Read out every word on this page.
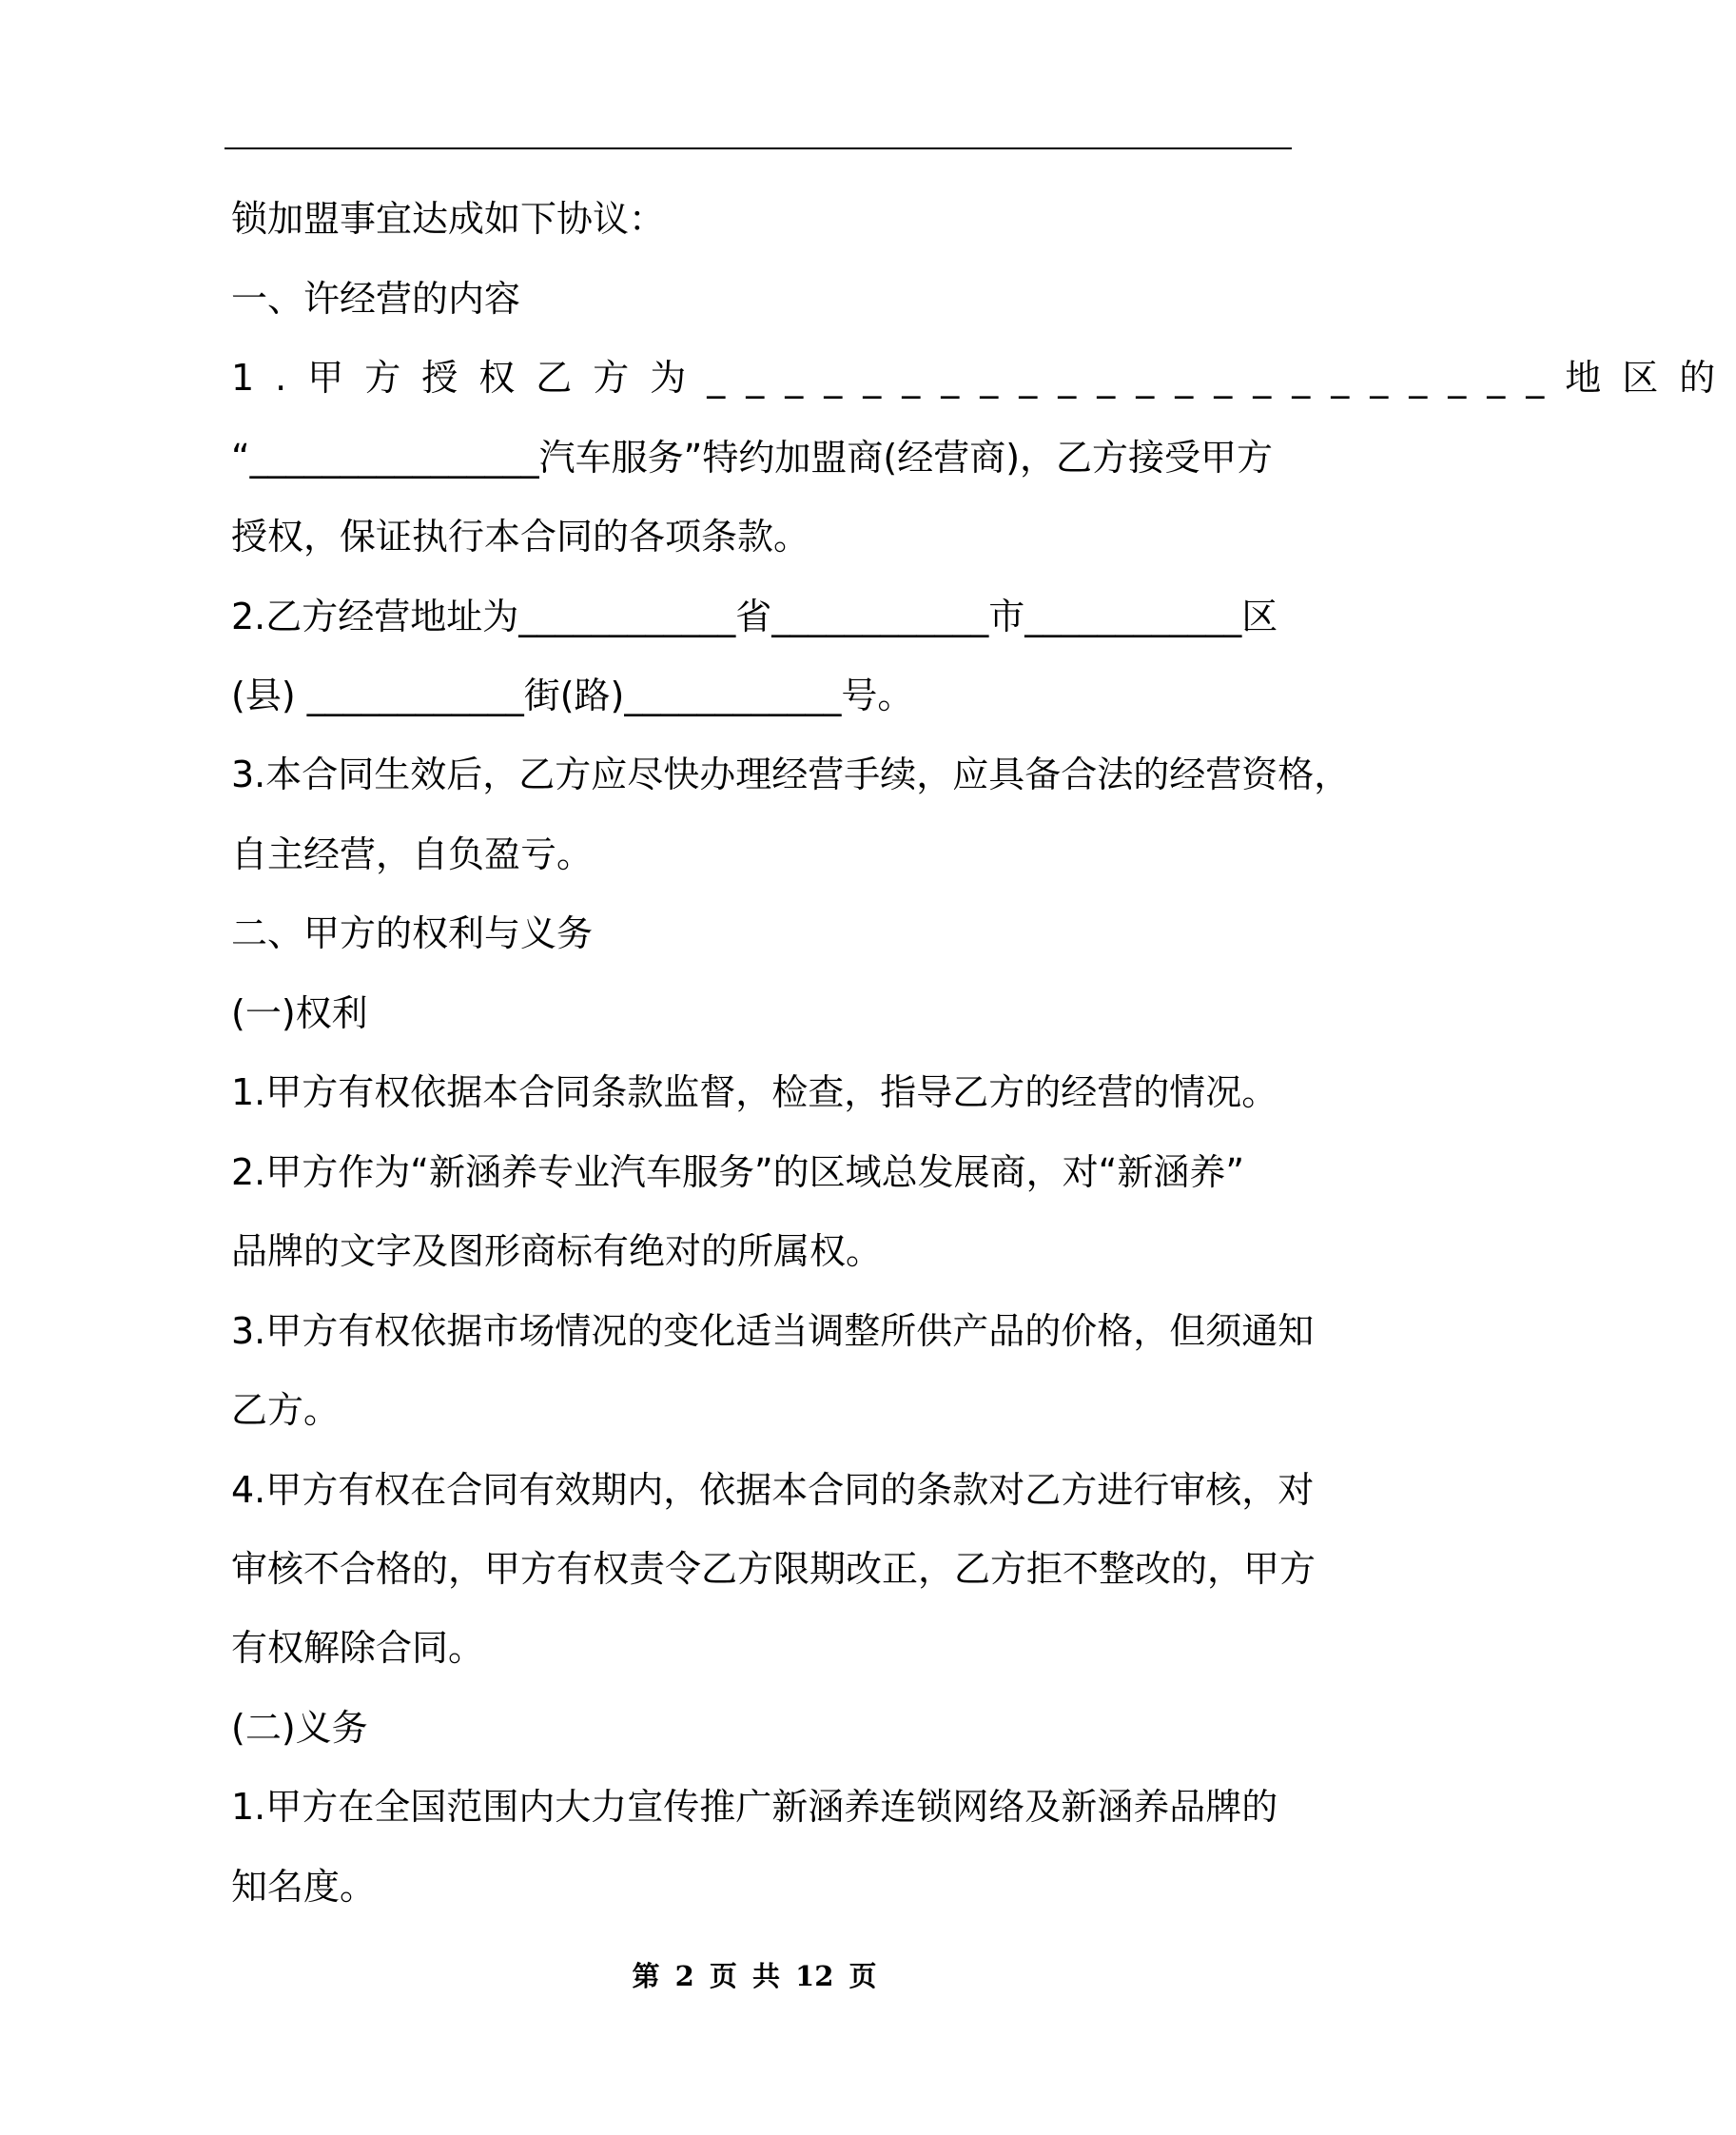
锁加盟事宜达成如下协议：
一、许经营的内容
1.甲方授权乙方为______________________地区的
“________________汽车服务”特约加盟商(经营商)，乙方接受甲方
授权，保证执行本合同的各项条款。
2.乙方经营地址为____________省____________市____________区
(县) ____________街(路)____________号。
3.本合同生效后，乙方应尽快办理经营手续，应具备合法的经营资格，
自主经营，自负盈亏。
二、甲方的权利与义务
(一)权利
1.甲方有权依据本合同条款监督，检查，指导乙方的经营的情况。
2.甲方作为“新涵养专业汽车服务”的区域总发展商，对“新涵养”
品牌的文字及图形商标有绝对的所属权。
3.甲方有权依据市场情况的变化适当调整所供产品的价格，但须通知
乙方。
4.甲方有权在合同有效期内，依据本合同的条款对乙方进行审核，对
审核不合格的，甲方有权责令乙方限期改正，乙方拒不整改的，甲方
有权解除合同。
(二)义务
1.甲方在全国范围内大力宣传推广新涵养连锁网络及新涵养品牌的
知名度。
第 2 页 共 12 页
